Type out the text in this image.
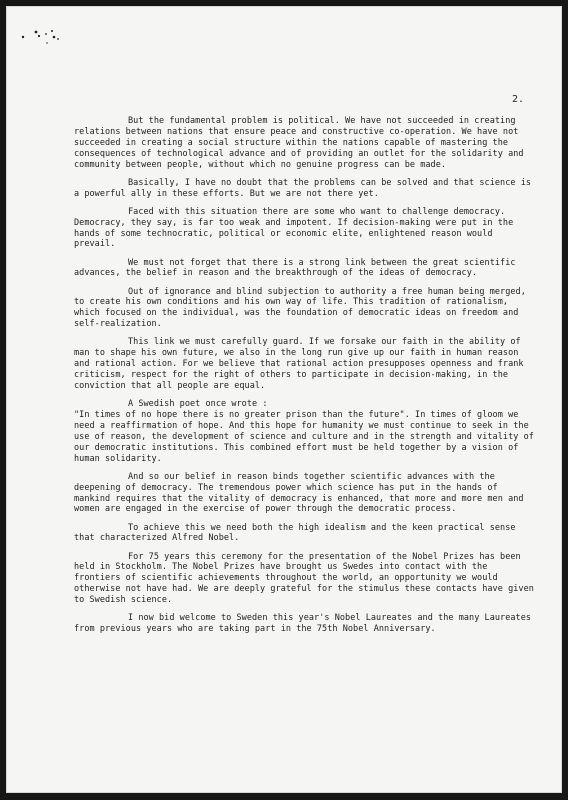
2.

But the fundamental problem is political. We have not succeeded in creating relations between nations that ensure peace and constructive co-operation. We have not succeeded in creating a social structure within the nations capable of mastering the consequences of technological advance and of providing an outlet for the solidarity and community between people, without which no genuine progress can be made.

Basically, I have no doubt that the problems can be solved and that science is a powerful ally in these efforts. But we are not there yet.

Faced with this situation there are some who want to challenge democracy. Democracy, they say, is far too weak and impotent. If decision-making were put in the hands of some technocratic, political or economic elite, enlightened reason would prevail.

We must not forget that there is a strong link between the great scientific advances, the belief in reason and the breakthrough of the ideas of democracy.

Out of ignorance and blind subjection to authority a free human being merged, to create his own conditions and his own way of life. This tradition of rationalism, which focused on the individual, was the foundation of democratic ideas on freedom and self-realization.

This link we must carefully guard. If we forsake our faith in the ability of man to shape his own future, we also in the long run give up our faith in human reason and rational action. For we believe that rational action presupposes openness and frank criticism, respect for the right of others to participate in decision-making, in the conviction that all people are equal.

A Swedish poet once wrote :

"In times of no hope there is no greater prison than the future". In times of gloom we need a reaffirmation of hope. And this hope for humanity we must continue to seek in the use of reason, the development of science and culture and in the strength and vitality of our democratic institutions. This combined effort must be held together by a vision of human solidarity.

And so our belief in reason binds together scientific advances with the deepening of democracy. The tremendous power which science has put in the hands of mankind requires that the vitality of democracy is enhanced, that more and more men and women are engaged in the exercise of power through the democratic process.

To achieve this we need both the high idealism and the keen practical sense that characterized Alfred Nobel.

For 75 years this ceremony for the presentation of the Nobel Prizes has been held in Stockholm. The Nobel Prizes have brought us Swedes into contact with the frontiers of scientific achievements throughout the world, an opportunity we would otherwise not have had. We are deeply grateful for the stimulus these contacts have given to Swedish science.

I now bid welcome to Sweden this year's Nobel Laureates and the many Laureates from previous years who are taking part in the 75th Nobel Anniversary.
